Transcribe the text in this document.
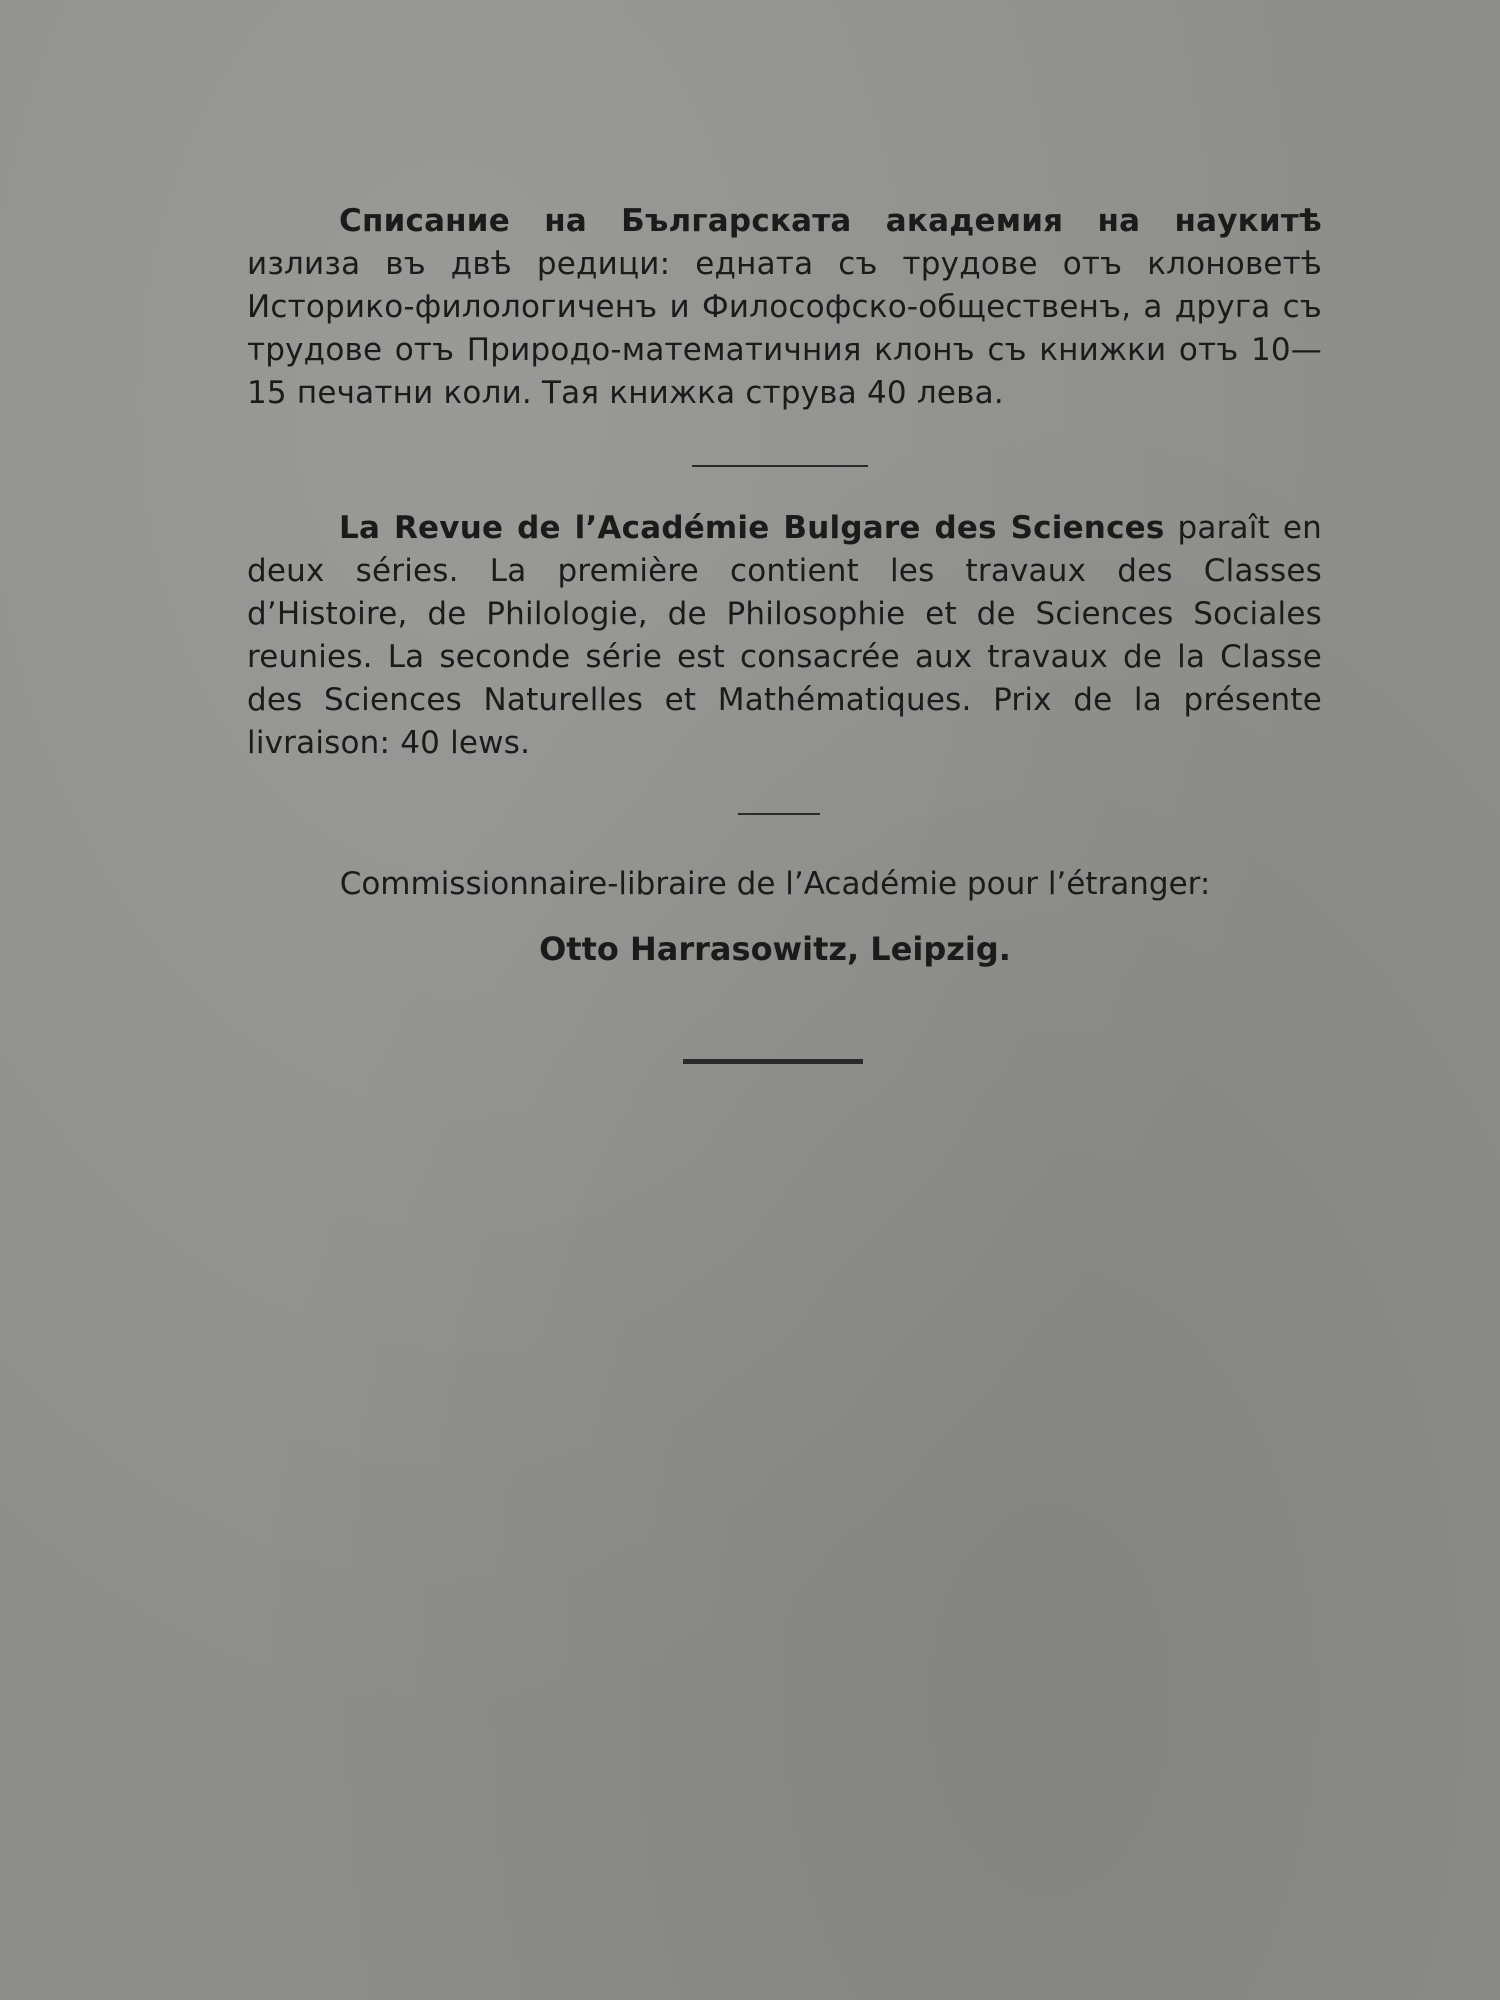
Списание на Българската академия на наукитѣ излиза въ двѣ редици: едната съ трудове отъ клоноветѣ Историко-филологиченъ и Философско-общественъ, а друга съ трудове отъ Природо-математичния клонъ съ книжки отъ 10—15 печатни коли. Тая книжка струва 40 лева.

La Revue de l’Académie Bulgare des Sciences paraît en deux séries. La première contient les travaux des Classes d’Histoire, de Philologie, de Philosophie et de Sciences Sociales reunies. La seconde série est consacrée aux travaux de la Classe des Sciences Naturelles et Mathématiques. Prix de la présente livraison: 40 lews.

Commissionnaire-libraire de l’Académie pour l’étranger:
Otto Harrasowitz, Leipzig.
